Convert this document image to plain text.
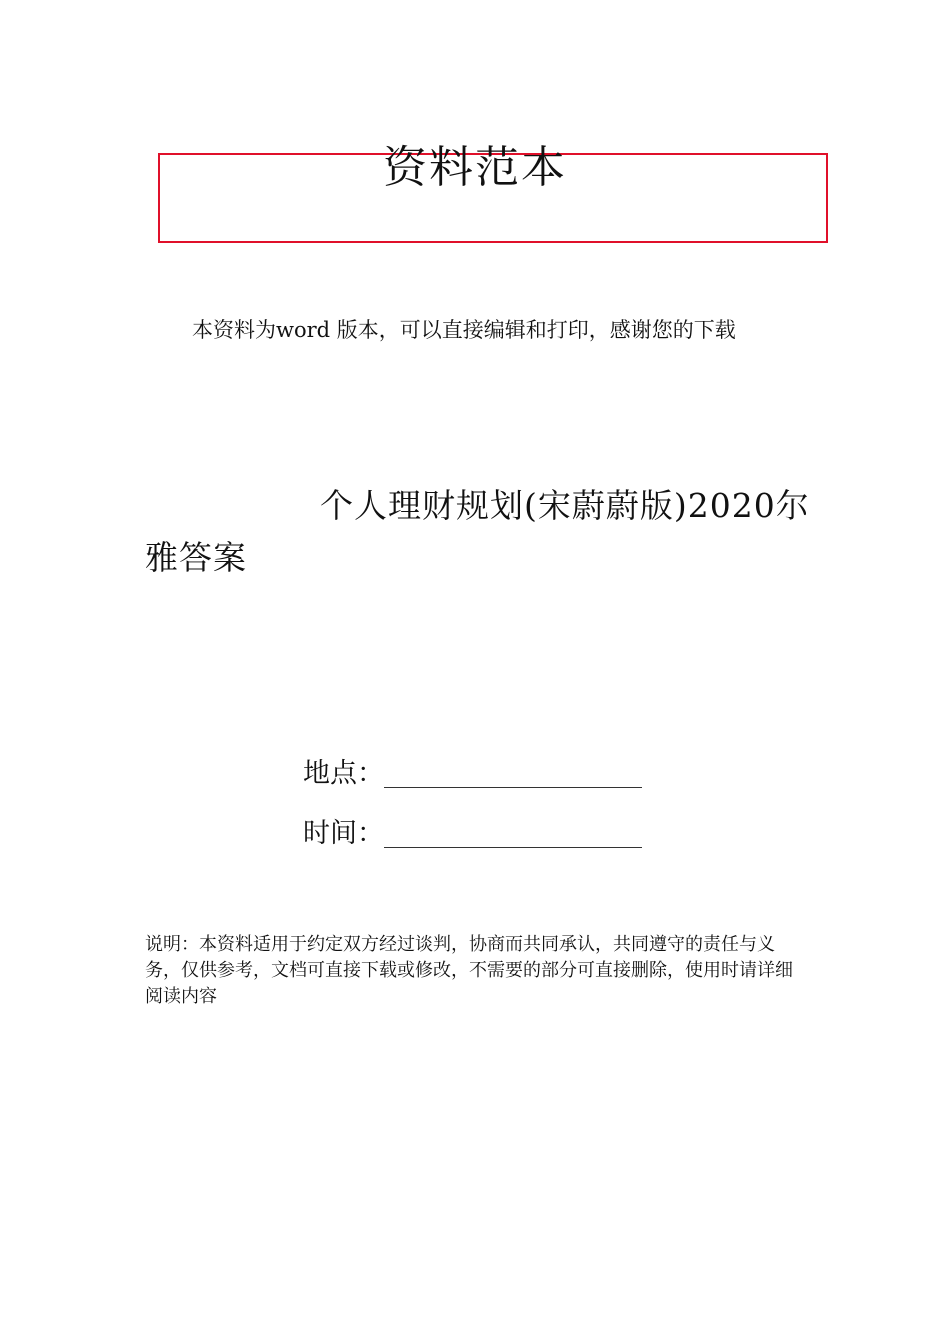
资料范本
本资料为word 版本，可以直接编辑和打印，感谢您的下载
个人理财规划(宋蔚蔚版)2020尔雅答案
地点：
时间：
说明：本资料适用于约定双方经过谈判，协商而共同承认，共同遵守的责任与义务，仅供参考，文档可直接下载或修改，不需要的部分可直接删除，使用时请详细阅读内容
